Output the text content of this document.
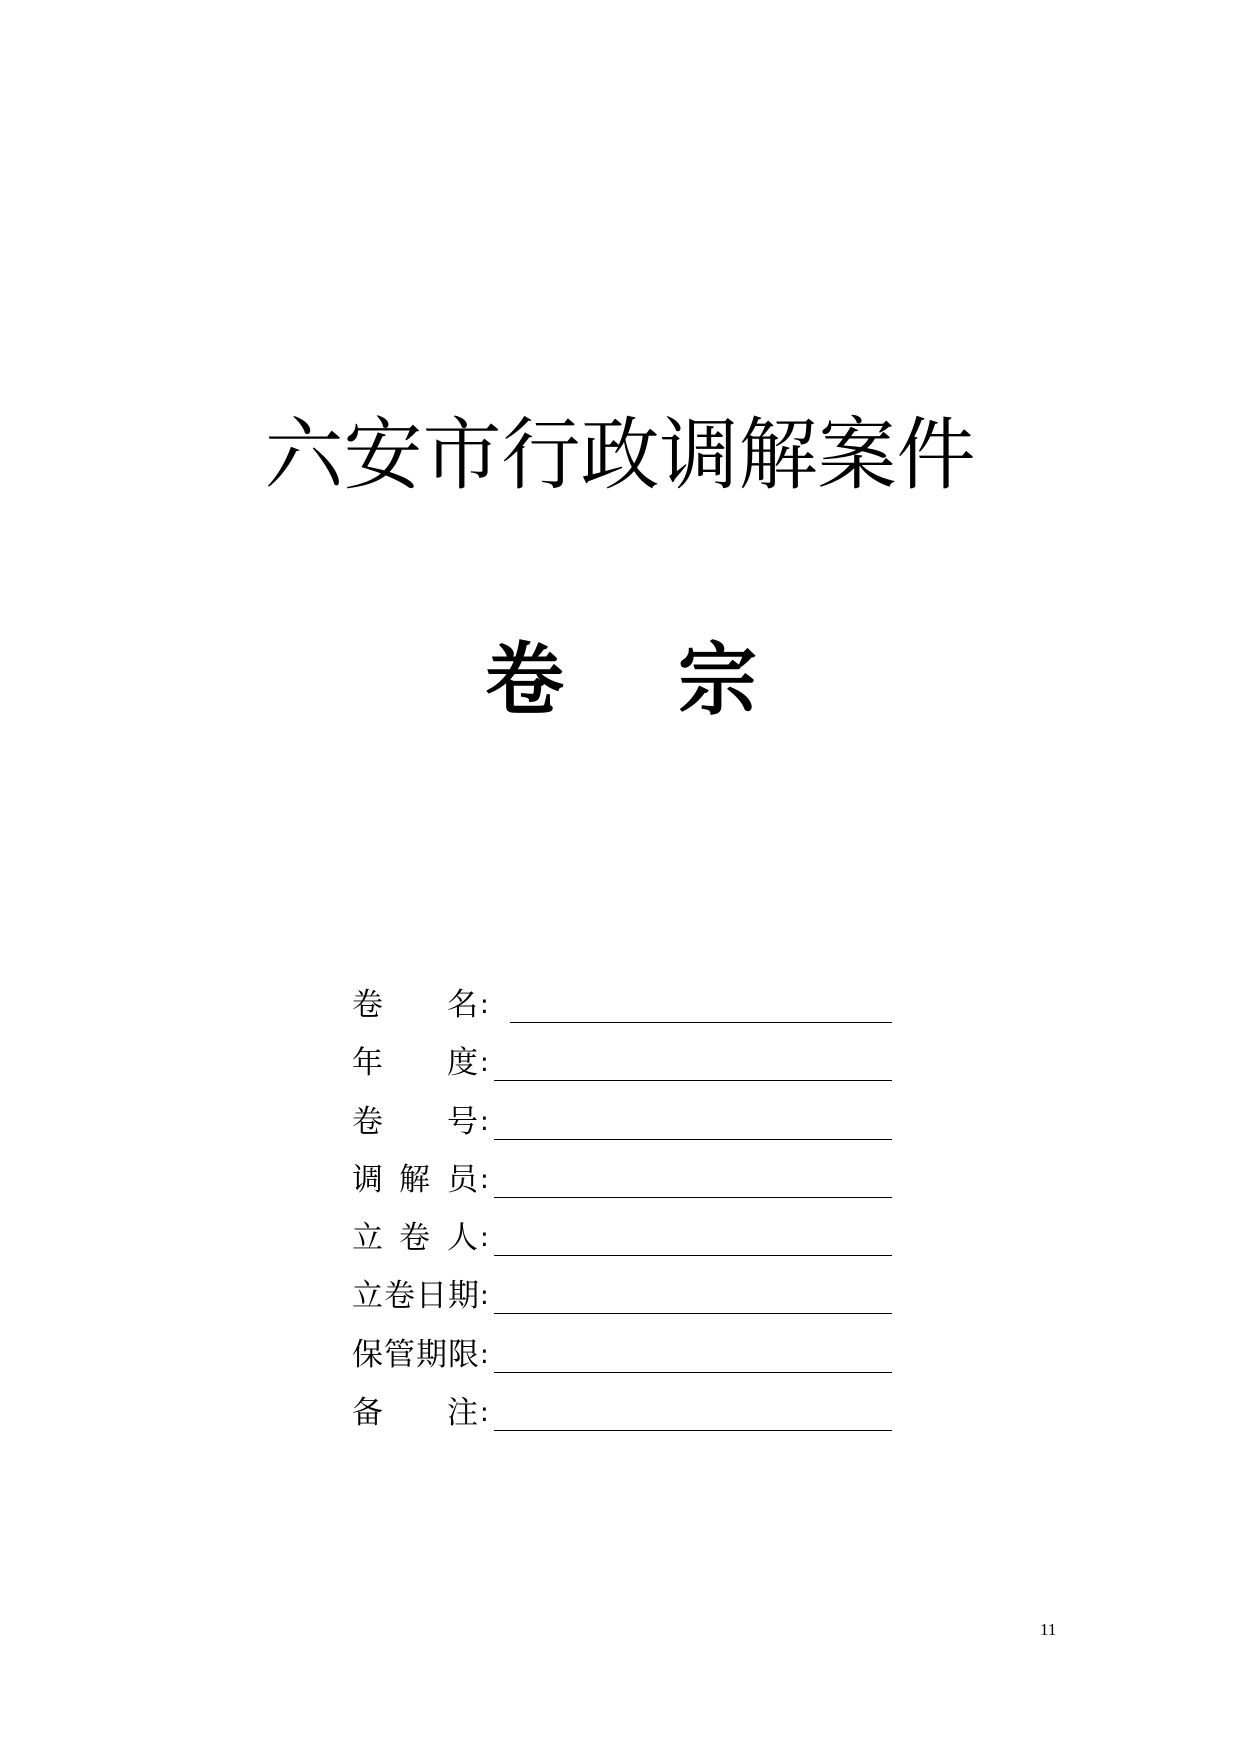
六安市行政调解案件
卷 宗
卷 名 :
年 度 :
卷 号 :
调 解 员 :
立 卷 人 :
立 卷 日 期 :
保 管 期 限 :
备 注 :
11
